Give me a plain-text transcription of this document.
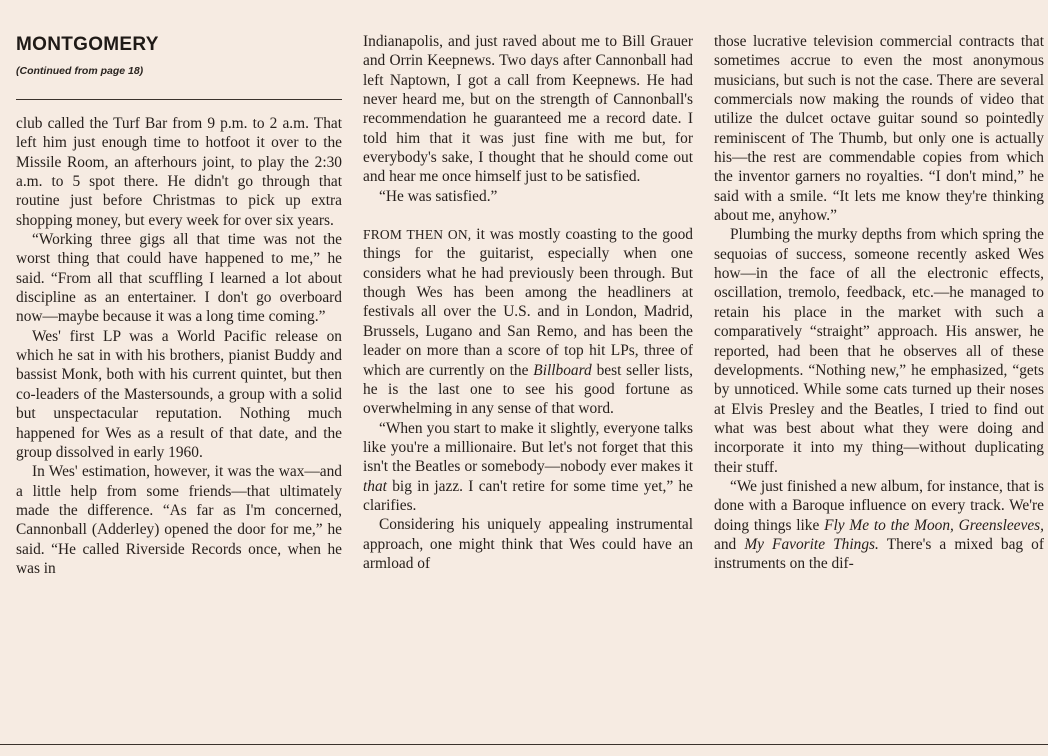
MONTGOMERY
(Continued from page 18)

club called the Turf Bar from 9 p.m. to 2 a.m. That left him just enough time to hotfoot it over to the Missile Room, an afterhours joint, to play the 2:30 a.m. to 5 spot there. He didn't go through that routine just before Christmas to pick up extra shopping money, but every week for over six years.

“Working three gigs all that time was not the worst thing that could have happened to me,” he said. “From all that scuffling I learned a lot about discipline as an entertainer. I don't go overboard now—maybe because it was a long time coming.”

Wes' first LP was a World Pacific release on which he sat in with his brothers, pianist Buddy and bassist Monk, both with his current quintet, but then co-leaders of the Mastersounds, a group with a solid but unspectacular reputation. Nothing much happened for Wes as a result of that date, and the group dissolved in early 1960.

In Wes' estimation, however, it was the wax—and a little help from some friends—that ultimately made the difference. “As far as I'm concerned, Cannonball (Adderley) opened the door for me,” he said. “He called Riverside Records once, when he was in

Indianapolis, and just raved about me to Bill Grauer and Orrin Keepnews. Two days after Cannonball had left Naptown, I got a call from Keepnews. He had never heard me, but on the strength of Cannonball's recommendation he guaranteed me a record date. I told him that it was just fine with me but, for everybody's sake, I thought that he should come out and hear me once himself just to be satisfied.

“He was satisfied.”

FROM THEN ON, it was mostly coasting to the good things for the guitarist, especially when one considers what he had previously been through. But though Wes has been among the headliners at festivals all over the U.S. and in London, Madrid, Brussels, Lugano and San Remo, and has been the leader on more than a score of top hit LPs, three of which are currently on the Billboard best seller lists, he is the last one to see his good fortune as overwhelming in any sense of that word.

“When you start to make it slightly, everyone talks like you're a millionaire. But let's not forget that this isn't the Beatles or somebody—nobody ever makes it that big in jazz. I can't retire for some time yet,” he clarifies.

Considering his uniquely appealing instrumental approach, one might think that Wes could have an armload of

those lucrative television commercial contracts that sometimes accrue to even the most anonymous musicians, but such is not the case. There are several commercials now making the rounds of video that utilize the dulcet octave guitar sound so pointedly reminiscent of The Thumb, but only one is actually his—the rest are commendable copies from which the inventor garners no royalties. “I don't mind,” he said with a smile. “It lets me know they're thinking about me, anyhow.”

Plumbing the murky depths from which spring the sequoias of success, someone recently asked Wes how—in the face of all the electronic effects, oscillation, tremolo, feedback, etc.—he managed to retain his place in the market with such a comparatively “straight” approach. His answer, he reported, had been that he observes all of these developments. “Nothing new,” he emphasized, “gets by unnoticed. While some cats turned up their noses at Elvis Presley and the Beatles, I tried to find out what was best about what they were doing and incorporate it into my thing—without duplicating their stuff.

“We just finished a new album, for instance, that is done with a Baroque influence on every track. We're doing things like Fly Me to the Moon, Greensleeves, and My Favorite Things. There's a mixed bag of instruments on the dif-
